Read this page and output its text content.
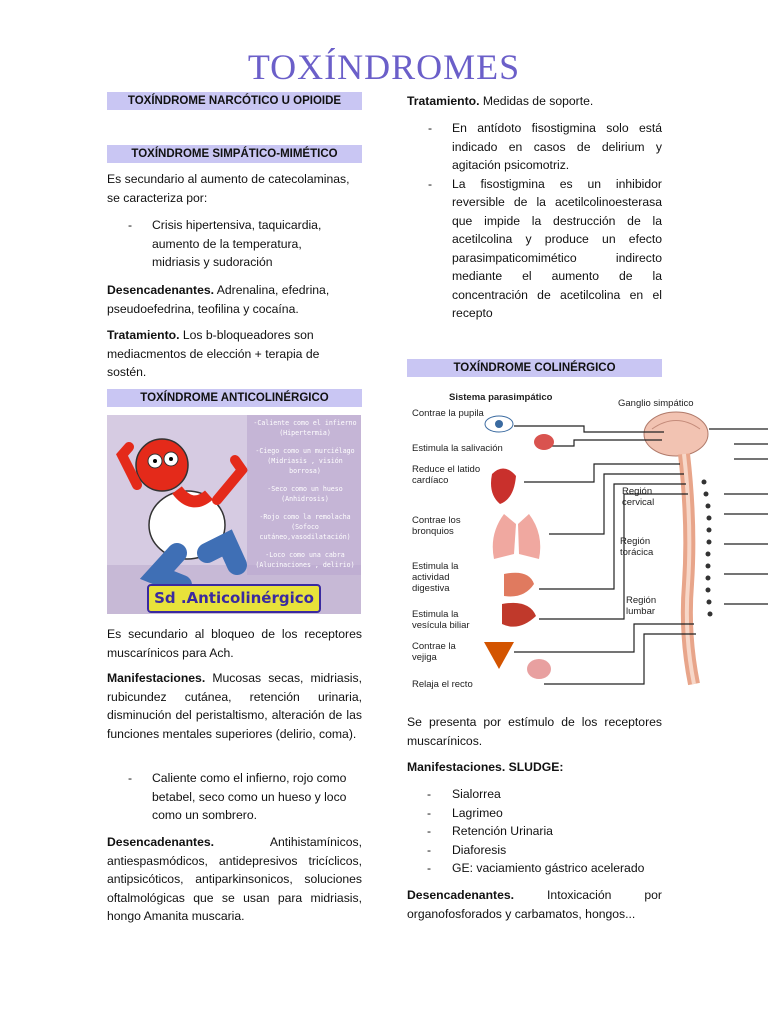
TOXÍNDROMES
TOXÍNDROME NARCÓTICO U OPIOIDE
TOXÍNDROME SIMPÁTICO-MIMÉTICO
Es secundario al aumento de catecolaminas, se caracteriza por:
- Crisis hipertensiva, taquicardia, aumento de la temperatura, midriasis y sudoración
Desencadenantes. Adrenalina, efedrina, pseudoefedrina, teofilina y cocaína.
Tratamiento. Los b-bloqueadores son mediacmentos de elección + terapia de sostén.
TOXÍNDROME ANTICOLINÉRGICO
-Caliente como el infierno
(Hipertermia)
-Ciego como un murciélago
(Midriasis , visión
borrosa)
-Seco como un hueso
(Anhidrosis)
-Rojo como la remolacha
(Sofoco
cutáneo,vasodilatación)
-Loco como una cabra
(Alucinaciones , delirio)
Sd .Anticolinérgico
Es secundario al bloqueo de los receptores muscarínicos para Ach.
Manifestaciones. Mucosas secas, midriasis, rubicundez cutánea, retención urinaria, disminución del peristaltismo, alteración de las funciones mentales superiores (delirio, coma).
- Caliente como el infierno, rojo como betabel, seco como un hueso y loco como un sombrero.
Desencadenantes.	Antihistamínicos, antiespasmódicos, antidepresivos tricíclicos, antipsicóticos, antiparkinsonicos, soluciones oftalmológicas que se usan para midriasis, hongo Amanita muscaria.
Tratamiento. Medidas de soporte.
- En antídoto fisostigmina solo está indicado en casos de delirium y agitación psicomotriz.
- La fisostigmina es un inhibidor reversible de la acetilcolinoesterasa que impide la destrucción de la acetilcolina y produce un efecto parasimpaticomimético indirecto mediante el aumento de la concentración de acetilcolina en el recepto
TOXÍNDROME COLINÉRGICO
Sistema parasimpático
Ganglio simpático
Contrae la pupila
Estimula la salivación
Reduce el latido cardíaco
Contrae los bronquios
Estimula la actividad digestiva
Estimula la vesícula biliar
Contrae la vejiga
Relaja el recto
Región cervical
Región torácica
Región lumbar
Se presenta por estímulo de los receptores muscarínicos.
Manifestaciones. SLUDGE:
- Sialorrea
- Lagrimeo
- Retención Urinaria
- Diaforesis
- GE: vaciamiento gástrico acelerado
Desencadenantes.	Intoxicación por organofosforados y carbamatos, hongos...
